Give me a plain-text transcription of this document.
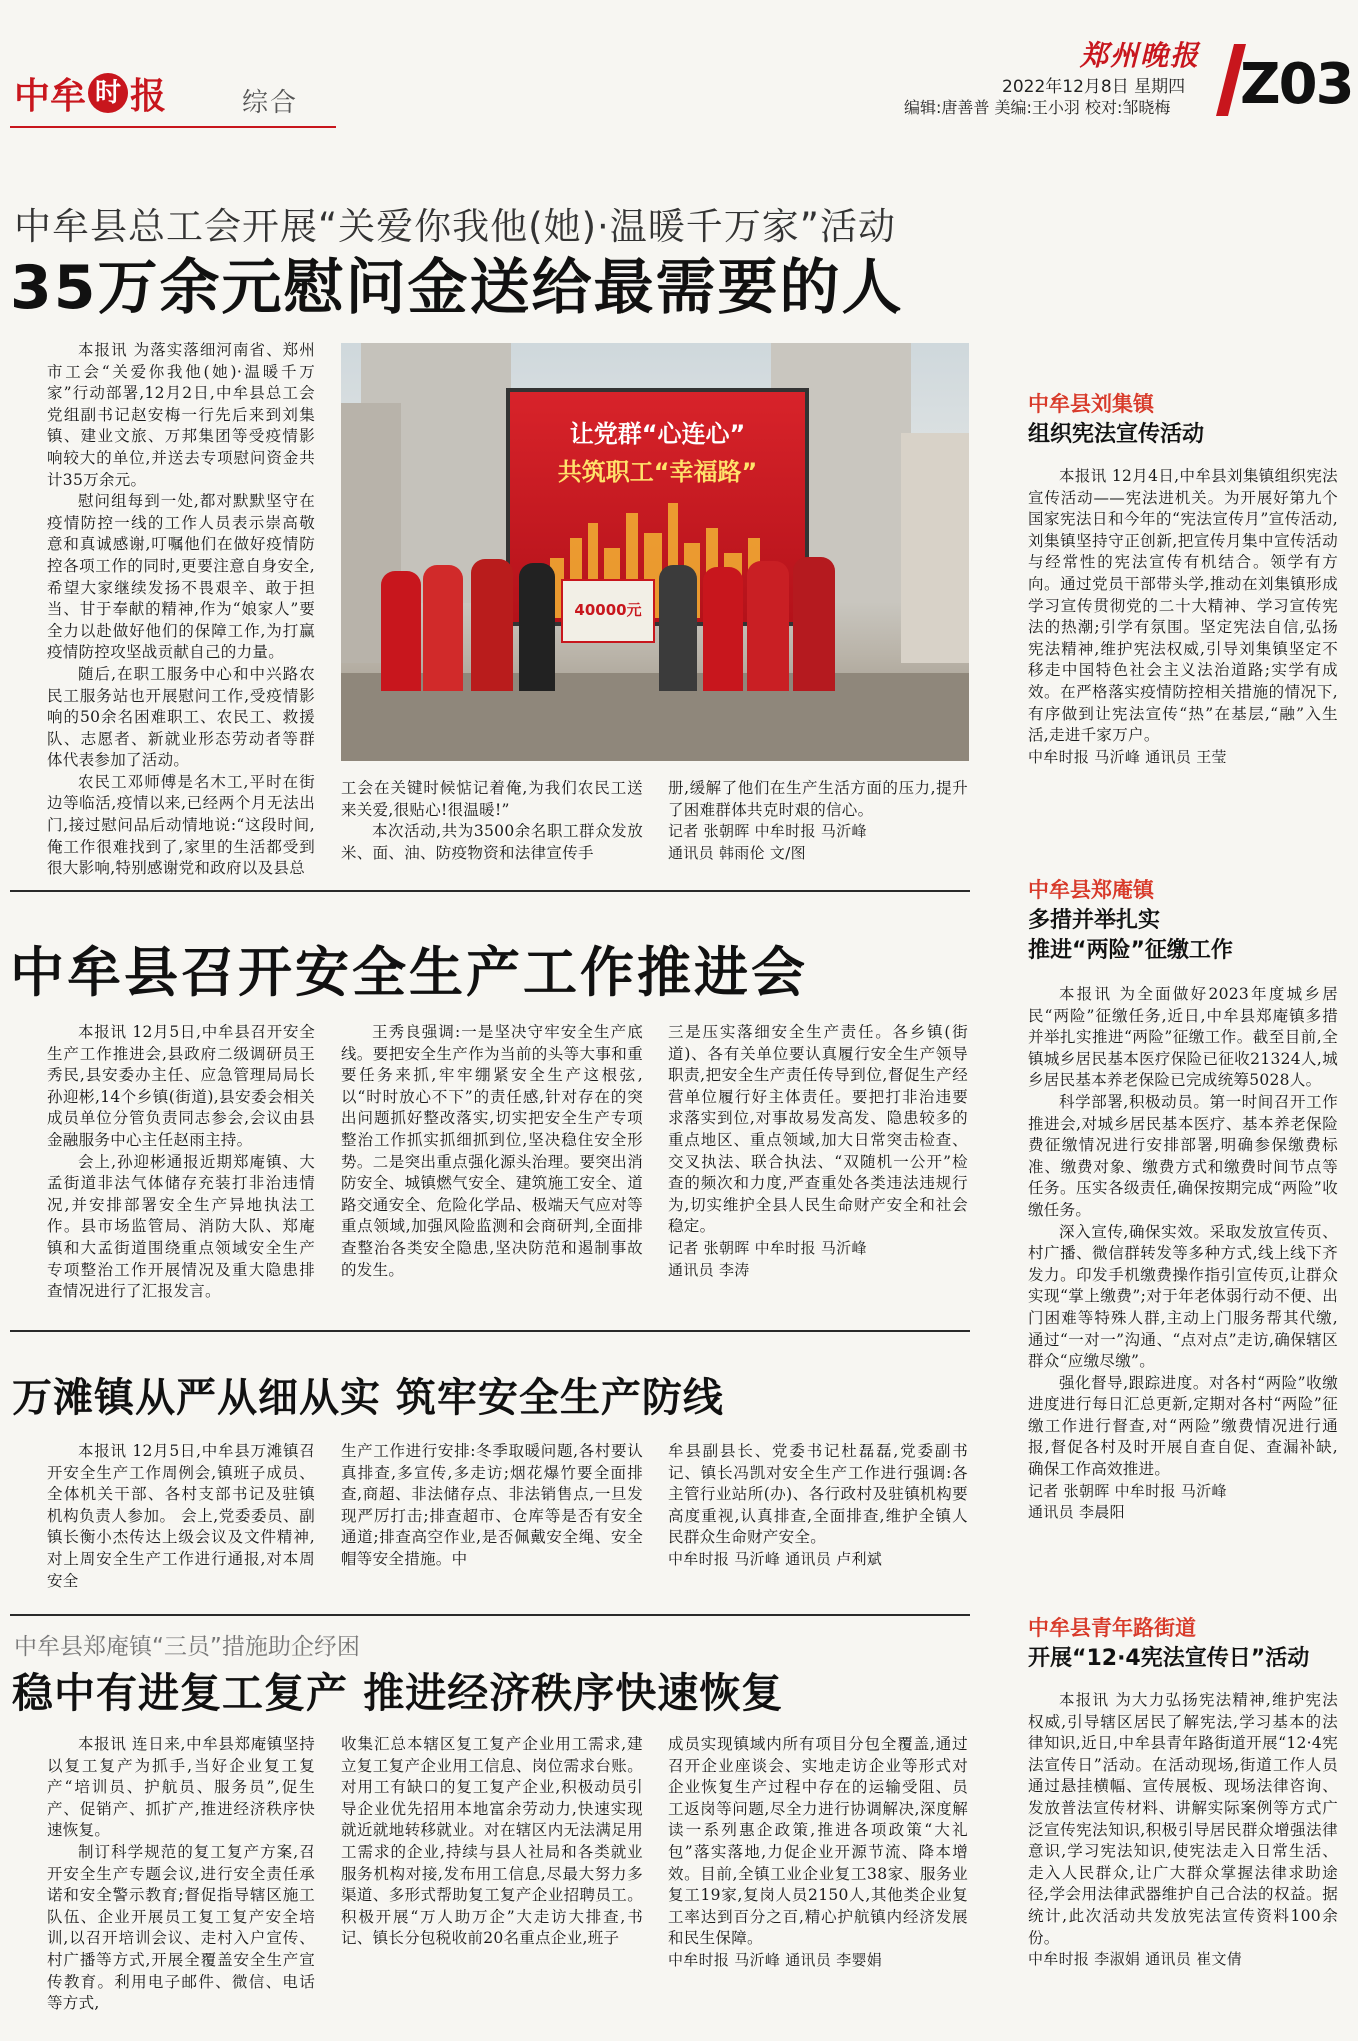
中牟 时 报	综合
郑州晚报
2022年12月8日 星期四
编辑:唐善普 美编:王小羽 校对:邹晓梅 Z03
中牟县总工会开展“关爱你我他(她)·温暖千万家”活动
35万余元慰问金送给最需要的人

本报讯 为落实落细河南省、郑州市工会“关爱你我他(她)·温暖千万家”行动部署,12月2日,中牟县总工会党组副书记赵安梅一行先后来到刘集镇、建业文旅、万邦集团等受疫情影响较大的单位,并送去专项慰问资金共计35万余元。

慰问组每到一处,都对默默坚守在疫情防控一线的工作人员表示崇高敬意和真诚感谢,叮嘱他们在做好疫情防控各项工作的同时,更要注意自身安全,希望大家继续发扬不畏艰辛、敢于担当、甘于奉献的精神,作为“娘家人”要全力以赴做好他们的保障工作,为打赢疫情防控攻坚战贡献自己的力量。

随后,在职工服务中心和中兴路农民工服务站也开展慰问工作,受疫情影响的50余名困难职工、农民工、救援队、志愿者、新就业形态劳动者等群体代表参加了活动。

农民工邓师傅是名木工,平时在街边等临活,疫情以来,已经两个月无法出门,接过慰问品后动情地说:“这段时间,俺工作很难找到了,家里的生活都受到很大影响,特别感谢党和政府以及县总

让党群“心连心”
共筑职工“幸福路”
40000元

工会在关键时候惦记着俺,为我们农民工送来关爱,很贴心!很温暖!”

本次活动,共为3500余名职工群众发放米、面、油、防疫物资和法律宣传手

册,缓解了他们在生产生活方面的压力,提升了困难群体共克时艰的信心。

记者 张朝晖 中牟时报 马沂峰

通讯员 韩雨伦 文/图

中牟县召开安全生产工作推进会

本报讯 12月5日,中牟县召开安全生产工作推进会,县政府二级调研员王秀民,县安委办主任、应急管理局局长孙迎彬,14个乡镇(街道),县安委会相关成员单位分管负责同志参会,会议由县金融服务中心主任赵雨主持。

会上,孙迎彬通报近期郑庵镇、大孟街道非法气体储存充装打非治违情况,并安排部署安全生产异地执法工作。县市场监管局、消防大队、郑庵镇和大孟街道围绕重点领域安全生产专项整治工作开展情况及重大隐患排查情况进行了汇报发言。

王秀良强调:一是坚决守牢安全生产底线。要把安全生产作为当前的头等大事和重要任务来抓,牢牢绷紧安全生产这根弦,以“时时放心不下”的责任感,针对存在的突出问题抓好整改落实,切实把安全生产专项整治工作抓实抓细抓到位,坚决稳住安全形势。二是突出重点强化源头治理。要突出消防安全、城镇燃气安全、建筑施工安全、道路交通安全、危险化学品、极端天气应对等重点领域,加强风险监测和会商研判,全面排查整治各类安全隐患,坚决防范和遏制事故的发生。

三是压实落细安全生产责任。各乡镇(街道)、各有关单位要认真履行安全生产领导职责,把安全生产责任传导到位,督促生产经营单位履行好主体责任。要把打非治违要求落实到位,对事故易发高发、隐患较多的重点地区、重点领域,加大日常突击检查、交叉执法、联合执法、“双随机一公开”检查的频次和力度,严查重处各类违法违规行为,切实维护全县人民生命财产安全和社会稳定。

记者 张朝晖 中牟时报 马沂峰

通讯员 李涛

万滩镇从严从细从实 筑牢安全生产防线

本报讯 12月5日,中牟县万滩镇召开安全生产工作周例会,镇班子成员、全体机关干部、各村支部书记及驻镇机构负责人参加。 会上,党委委员、副镇长衡小杰传达上级会议及文件精神,对上周安全生产工作进行通报,对本周安全

生产工作进行安排:冬季取暖问题,各村要认真排查,多宣传,多走访;烟花爆竹要全面排查,商超、非法储存点、非法销售点,一旦发现严厉打击;排查超市、仓库等是否有安全通道;排查高空作业,是否佩戴安全绳、安全帽等安全措施。中

牟县副县长、党委书记杜磊磊,党委副书记、镇长冯凯对安全生产工作进行强调:各主管行业站所(办)、各行政村及驻镇机构要高度重视,认真排查,全面排查,维护全镇人民群众生命财产安全。

中牟时报 马沂峰 通讯员 卢利斌

中牟县郑庵镇“三员”措施助企纾困
稳中有进复工复产 推进经济秩序快速恢复

本报讯 连日来,中牟县郑庵镇坚持以复工复产为抓手,当好企业复工复产“培训员、护航员、服务员”,促生产、促销产、抓扩产,推进经济秩序快速恢复。

制订科学规范的复工复产方案,召开安全生产专题会议,进行安全责任承诺和安全警示教育;督促指导辖区施工队伍、企业开展员工复工复产安全培训,以召开培训会议、走村入户宣传、村广播等方式,开展全覆盖安全生产宣传教育。利用电子邮件、微信、电话等方式,

收集汇总本辖区复工复产企业用工需求,建立复工复产企业用工信息、岗位需求台账。对用工有缺口的复工复产企业,积极动员引导企业优先招用本地富余劳动力,快速实现就近就地转移就业。对在辖区内无法满足用工需求的企业,持续与县人社局和各类就业服务机构对接,发布用工信息,尽最大努力多渠道、多形式帮助复工复产企业招聘员工。积极开展“万人助万企”大走访大排查,书记、镇长分包税收前20名重点企业,班子

成员实现镇域内所有项目分包全覆盖,通过召开企业座谈会、实地走访企业等形式对企业恢复生产过程中存在的运输受阻、员工返岗等问题,尽全力进行协调解决,深度解读一系列惠企政策,推进各项政策“大礼包”落实落地,力促企业开源节流、降本增效。目前,全镇工业企业复工38家、服务业复工19家,复岗人员2150人,其他类企业复工率达到百分之百,精心护航镇内经济发展和民生保障。

中牟时报 马沂峰 通讯员 李婴娟

中牟县刘集镇
组织宪法宣传活动

本报讯 12月4日,中牟县刘集镇组织宪法宣传活动——宪法进机关。为开展好第九个国家宪法日和今年的“宪法宣传月”宣传活动,刘集镇坚持守正创新,把宣传月集中宣传活动与经常性的宪法宣传有机结合。领学有方向。通过党员干部带头学,推动在刘集镇形成学习宣传贯彻党的二十大精神、学习宣传宪法的热潮;引学有氛围。坚定宪法自信,弘扬宪法精神,维护宪法权威,引导刘集镇坚定不移走中国特色社会主义法治道路;实学有成效。在严格落实疫情防控相关措施的情况下,有序做到让宪法宣传“热”在基层,“融”入生活,走进千家万户。

中牟时报 马沂峰 通讯员 王莹

中牟县郑庵镇
多措并举扎实
推进“两险”征缴工作

本报讯 为全面做好2023年度城乡居民“两险”征缴任务,近日,中牟县郑庵镇多措并举扎实推进“两险”征缴工作。截至目前,全镇城乡居民基本医疗保险已征收21324人,城乡居民基本养老保险已完成统筹5028人。

科学部署,积极动员。第一时间召开工作推进会,对城乡居民基本医疗、基本养老保险费征缴情况进行安排部署,明确参保缴费标准、缴费对象、缴费方式和缴费时间节点等任务。压实各级责任,确保按期完成“两险”收缴任务。

深入宣传,确保实效。采取发放宣传页、村广播、微信群转发等多种方式,线上线下齐发力。印发手机缴费操作指引宣传页,让群众实现“掌上缴费”;对于年老体弱行动不便、出门困难等特殊人群,主动上门服务帮其代缴,通过“一对一”沟通、“点对点”走访,确保辖区群众“应缴尽缴”。

强化督导,跟踪进度。对各村“两险”收缴进度进行每日汇总更新,定期对各村“两险”征缴工作进行督查,对“两险”缴费情况进行通报,督促各村及时开展自查自促、查漏补缺,确保工作高效推进。

记者 张朝晖 中牟时报 马沂峰

通讯员 李晨阳

中牟县青年路街道
开展“12·4宪法宣传日”活动

本报讯 为大力弘扬宪法精神,维护宪法权威,引导辖区居民了解宪法,学习基本的法律知识,近日,中牟县青年路街道开展“12·4宪法宣传日”活动。在活动现场,街道工作人员通过悬挂横幅、宣传展板、现场法律咨询、发放普法宣传材料、讲解实际案例等方式广泛宣传宪法知识,积极引导居民群众增强法律意识,学习宪法知识,使宪法走入日常生活、走入人民群众,让广大群众掌握法律求助途径,学会用法律武器维护自己合法的权益。据统计,此次活动共发放宪法宣传资料100余份。

中牟时报 李淑娟 通讯员 崔文倩
